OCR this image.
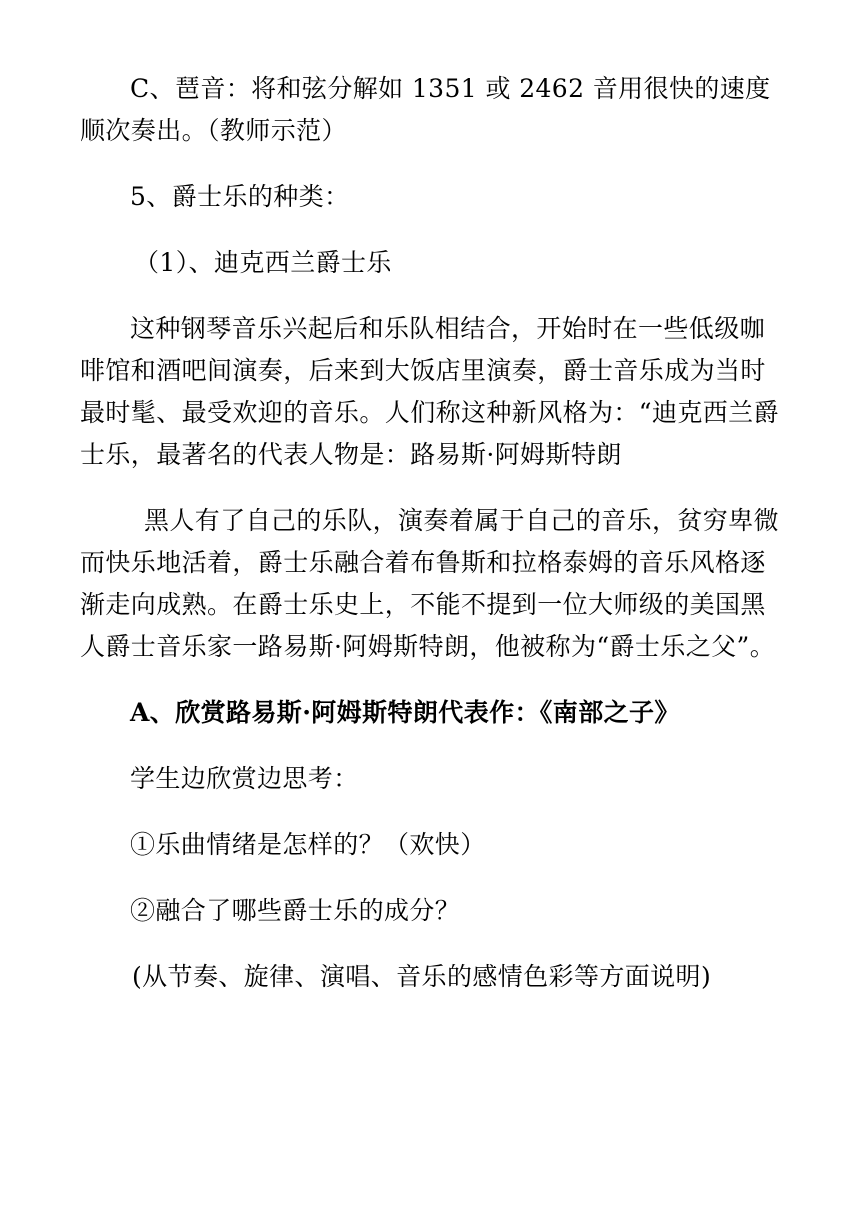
C、琶音：将和弦分解如 1351 或 2462 音用很快的速度顺次奏出。（教师示范）

5、爵士乐的种类：

（1）、迪克西兰爵士乐

这种钢琴音乐兴起后和乐队相结合，开始时在一些低级咖啡馆和酒吧间演奏，后来到大饭店里演奏，爵士音乐成为当时最时髦、最受欢迎的音乐。人们称这种新风格为：“迪克西兰爵士乐，最著名的代表人物是：路易斯·阿姆斯特朗

黑人有了自己的乐队，演奏着属于自己的音乐，贫穷卑微而快乐地活着，爵士乐融合着布鲁斯和拉格泰姆的音乐风格逐渐走向成熟。在爵士乐史上，不能不提到一位大师级的美国黑人爵士音乐家一路易斯·阿姆斯特朗，他被称为“爵士乐之父”。

A、欣赏路易斯·阿姆斯特朗代表作：《南部之子》

学生边欣赏边思考：

①乐曲情绪是怎样的？（欢快）

②融合了哪些爵士乐的成分？

(从节奏、旋律、演唱、音乐的感情色彩等方面说明)
